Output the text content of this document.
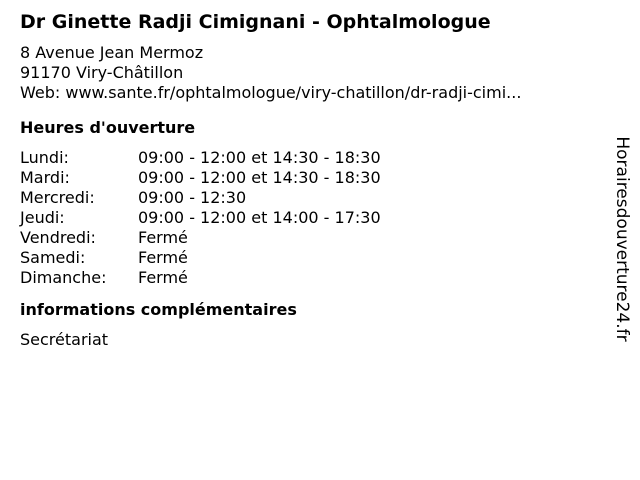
Dr Ginette Radji Cimignani - Ophtalmologue
8 Avenue Jean Mermoz
91170 Viry-Châtillon
Web: www.sante.fr/ophtalmologue/viry-chatillon/dr-radji-cimi...
Heures d'ouverture
Lundi:	09:00 - 12:00 et 14:30 - 18:30
Mardi:	09:00 - 12:00 et 14:30 - 18:30
Mercredi:	09:00 - 12:30
Jeudi:	09:00 - 12:00 et 14:00 - 17:30
Vendredi:	Fermé
Samedi:	Fermé
Dimanche:	Fermé
informations complémentaires
Secrétariat	Horairesdouverture24.fr
